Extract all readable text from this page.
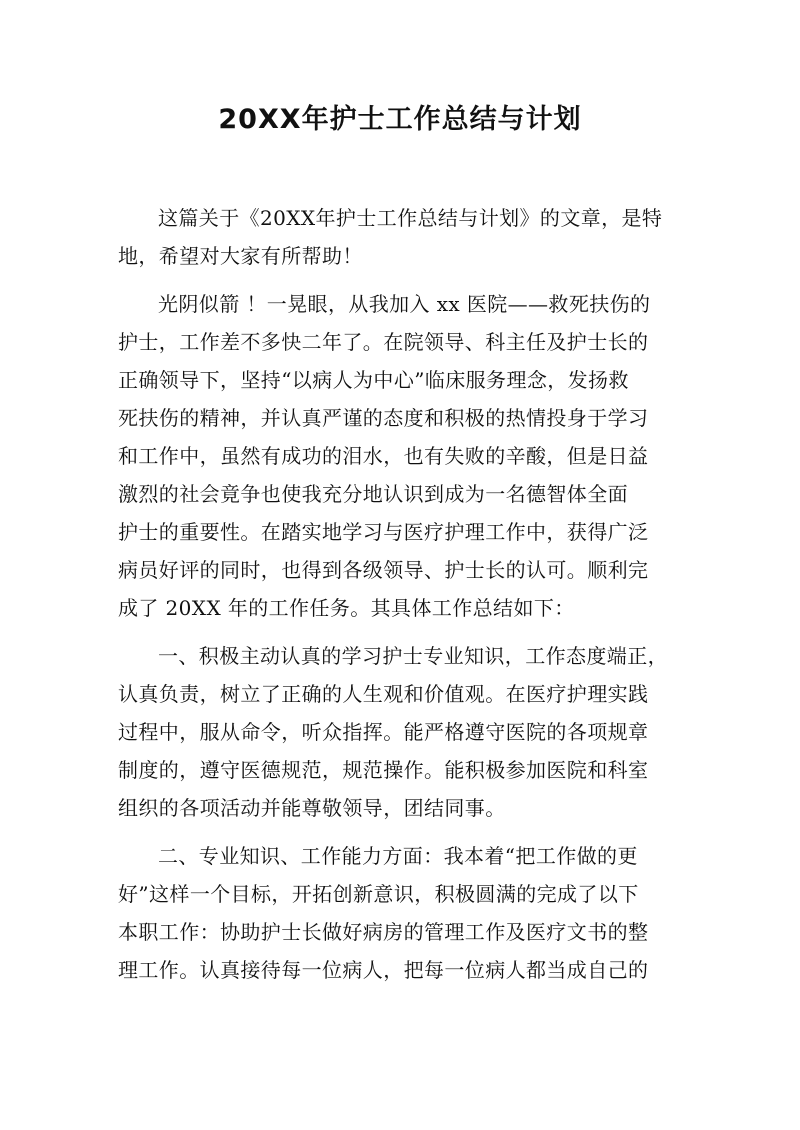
20XX年护士工作总结与计划
这篇关于《20XX年护士工作总结与计划》的文章，是特
地，希望对大家有所帮助！
光阴似箭 ！一晃眼，从我加入 xx 医院——救死扶伤的
护士，工作差不多快二年了。在院领导、科主任及护士长的
正确领导下，坚持“以病人为中心”临床服务理念，发扬救
死扶伤的精神，并认真严谨的态度和积极的热情投身于学习
和工作中，虽然有成功的泪水，也有失败的辛酸，但是日益
激烈的社会竟争也使我充分地认识到成为一名德智体全面
护士的重要性。在踏实地学习与医疗护理工作中，获得广泛
病员好评的同时，也得到各级领导、护士长的认可。顺利完
成了 20XX 年的工作任务。其具体工作总结如下：
一、积极主动认真的学习护士专业知识，工作态度端正，
认真负责，树立了正确的人生观和价值观。在医疗护理实践
过程中，服从命令，听众指挥。能严格遵守医院的各项规章
制度的，遵守医德规范，规范操作。能积极参加医院和科室
组织的各项活动并能尊敬领导，团结同事。
二、专业知识、工作能力方面：我本着“把工作做的更
好”这样一个目标，开拓创新意识，积极圆满的完成了以下
本职工作：协助护士长做好病房的管理工作及医疗文书的整
理工作。认真接待每一位病人，把每一位病人都当成自己的
